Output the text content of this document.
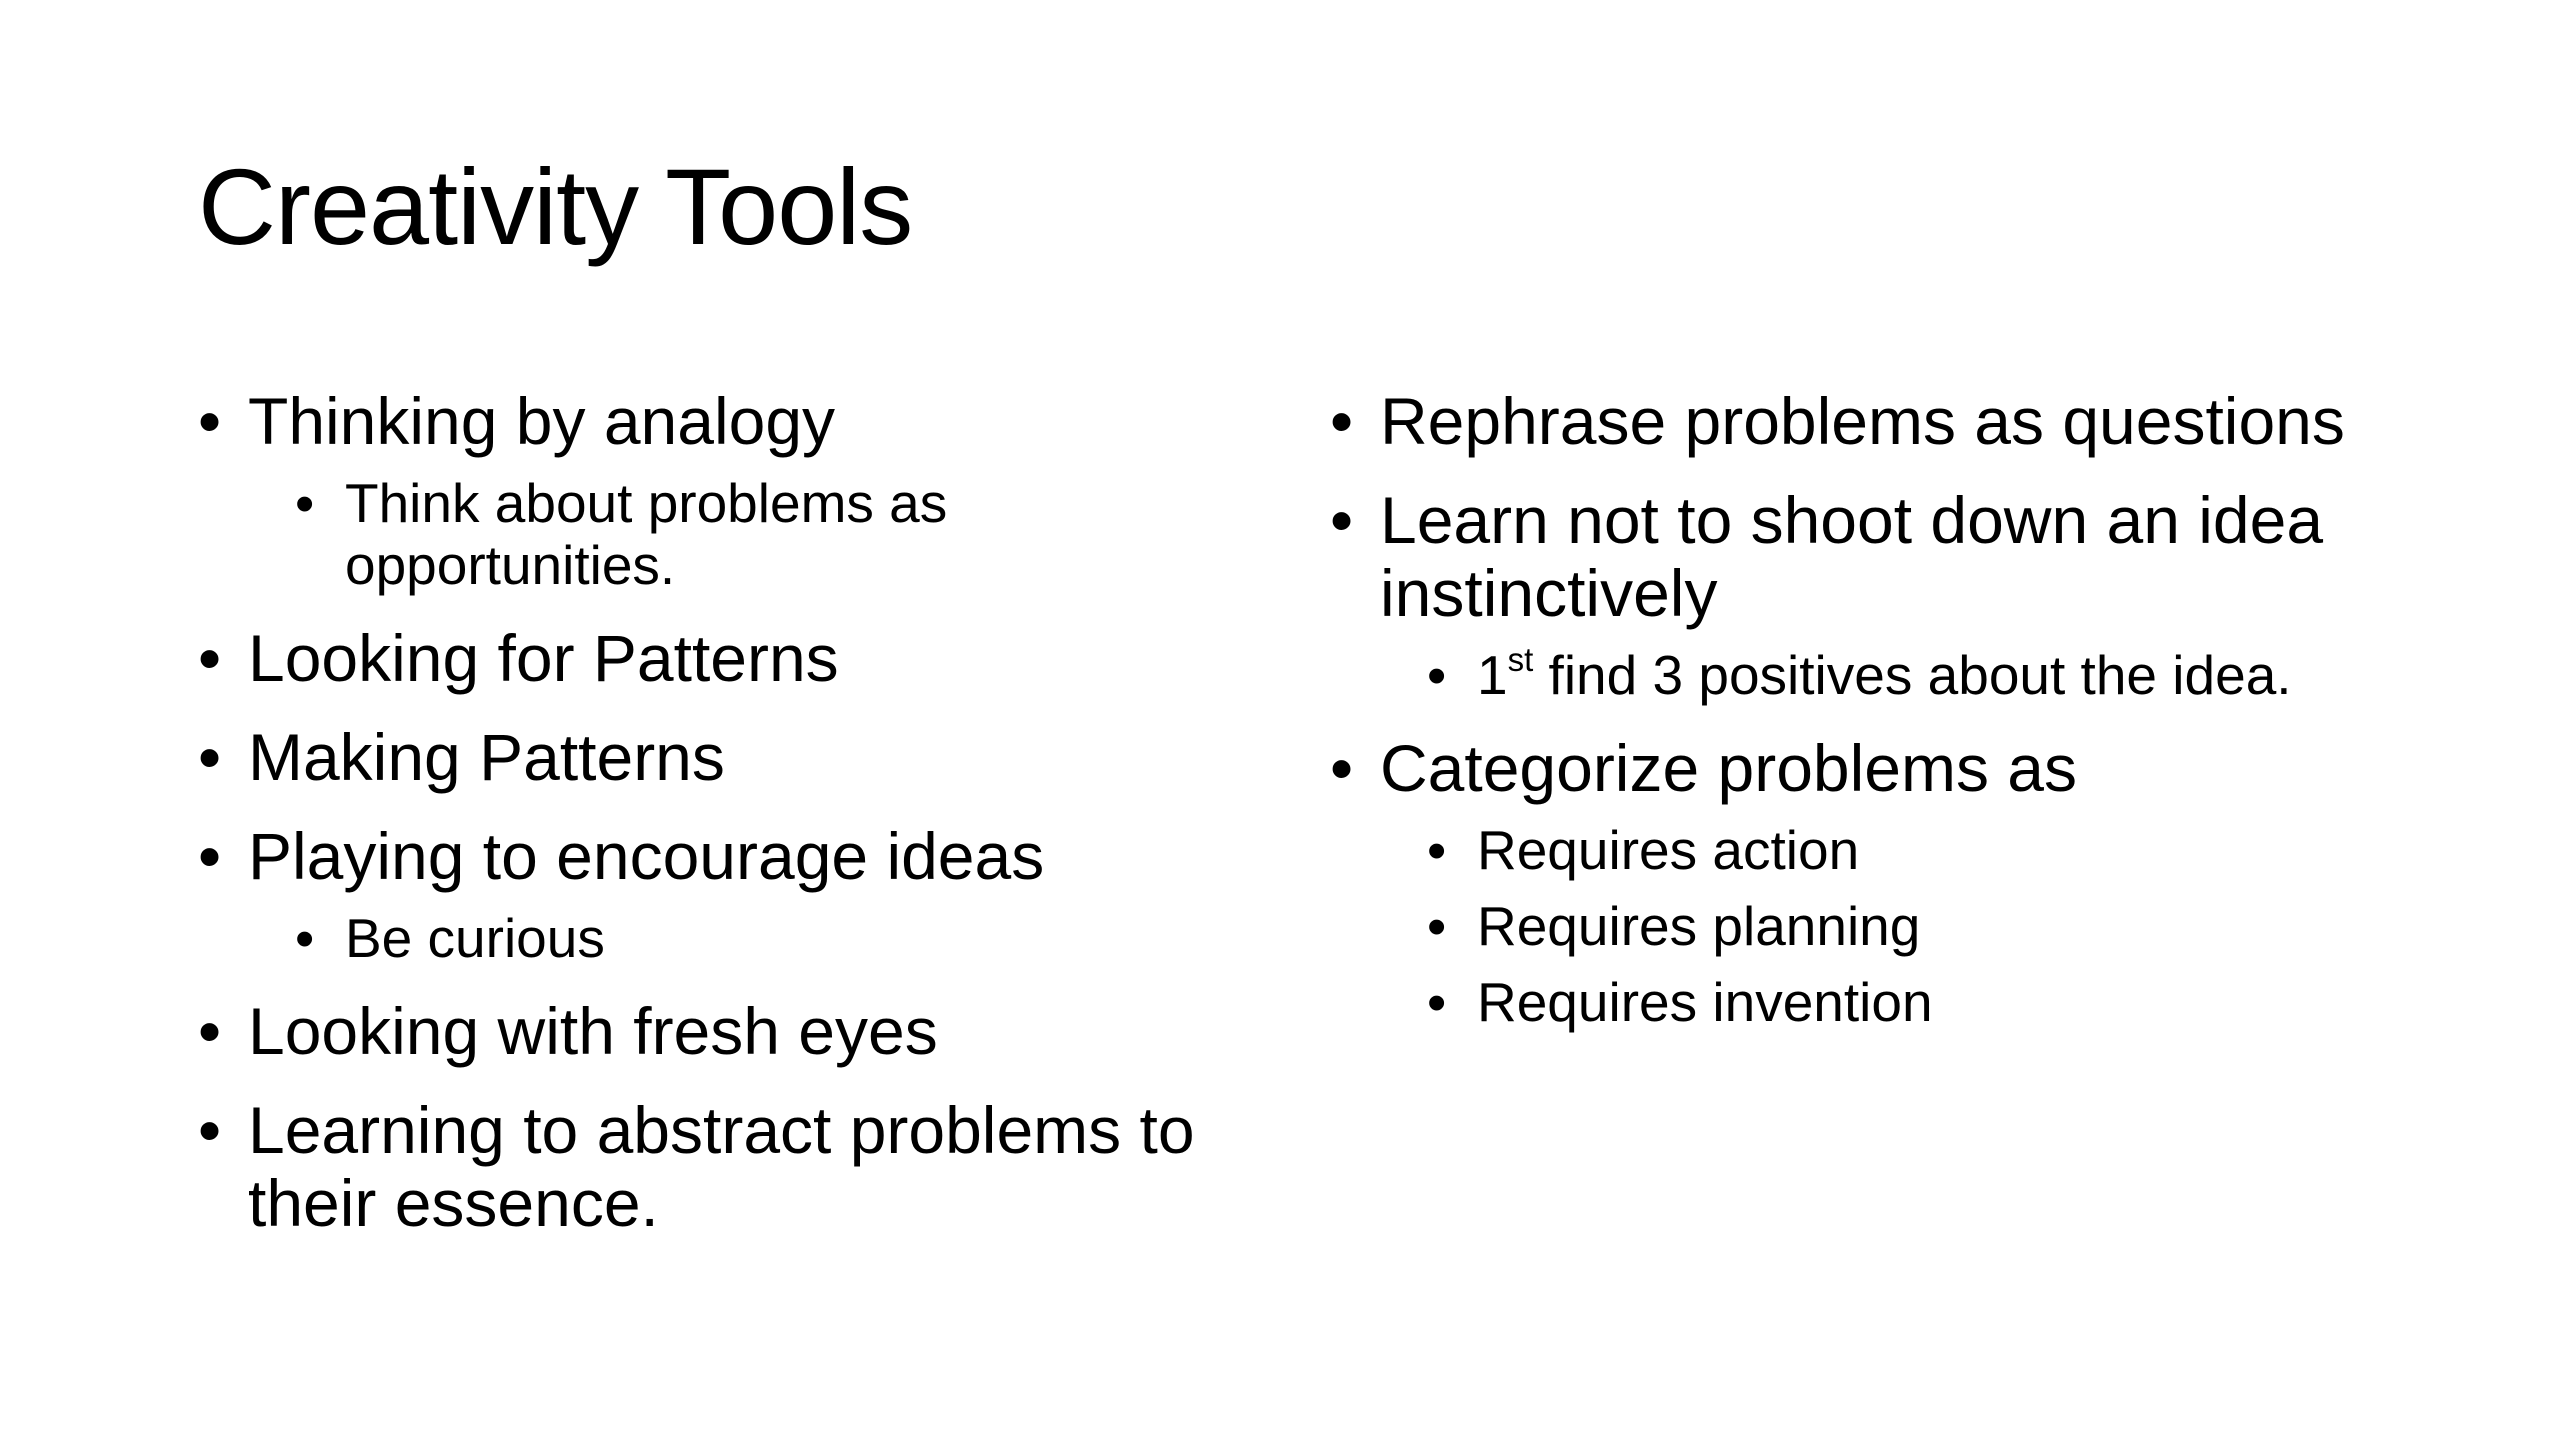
Creativity Tools
• Thinking by analogy
• Think about problems as opportunities.
• Looking for Patterns
• Making Patterns
• Playing to encourage ideas
• Be curious
• Looking with fresh eyes
• Learning to abstract problems to their essence.
• Rephrase problems as questions
• Learn not to shoot down an idea instinctively
• 1st find 3 positives about the idea.
• Categorize problems as
• Requires action
• Requires planning
• Requires invention
